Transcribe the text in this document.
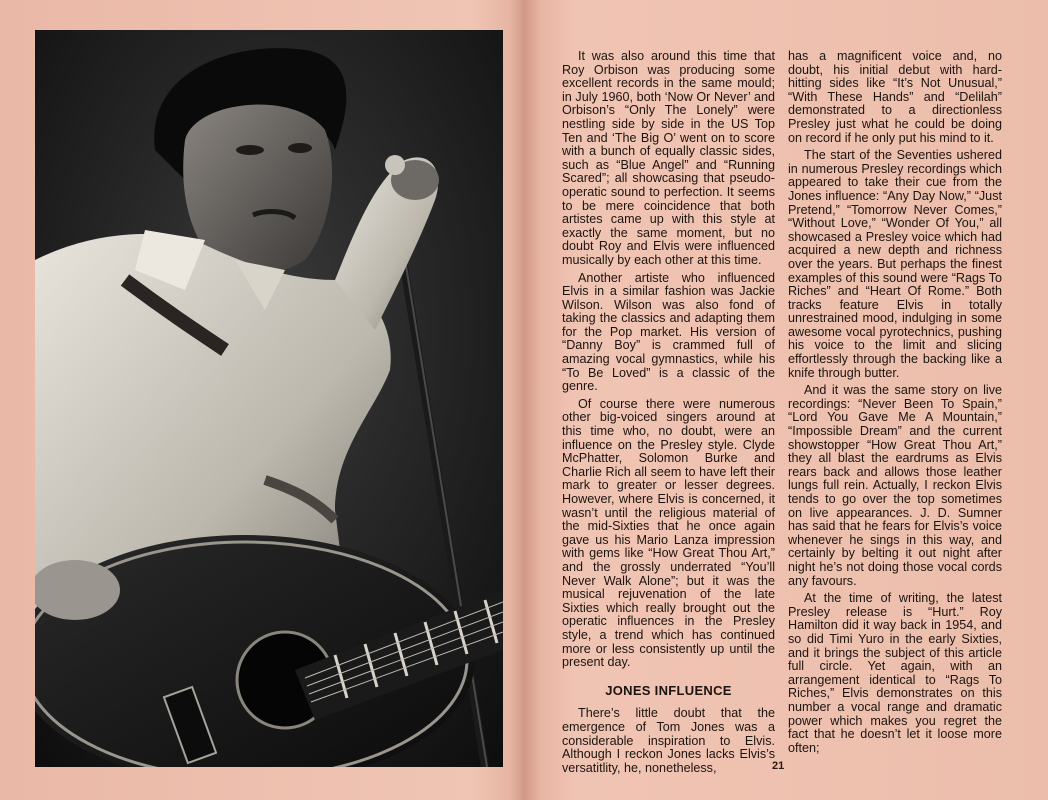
It was also around this time that Roy Orbison was producing some excellent records in the same mould; in July 1960, both ‘Now Or Never’ and Orbison’s “Only The Lonely” were nestling side by side in the US Top Ten and ‘The Big O’ went on to score with a bunch of equally classic sides, such as “Blue Angel” and “Running Scared”; all showcasing that pseudo-operatic sound to perfection. It seems to be mere coincidence that both artistes came up with this style at exactly the same moment, but no doubt Roy and Elvis were influenced musically by each other at this time.

Another artiste who influenced Elvis in a similar fashion was Jackie Wilson. Wilson was also fond of taking the classics and adapting them for the Pop market. His version of “Danny Boy” is crammed full of amazing vocal gymnastics, while his “To Be Loved” is a classic of the genre.

Of course there were numerous other big-voiced singers around at this time who, no doubt, were an influence on the Presley style. Clyde McPhatter, Solomon Burke and Charlie Rich all seem to have left their mark to greater or lesser degrees. However, where Elvis is concerned, it wasn’t until the religious material of the mid-Sixties that he once again gave us his Mario Lanza impression with gems like “How Great Thou Art,” and the grossly underrated “You’ll Never Walk Alone”; but it was the musical rejuvenation of the late Sixties which really brought out the operatic influences in the Presley style, a trend which has continued more or less consistently up until the present day.

JONES INFLUENCE

There’s little doubt that the emergence of Tom Jones was a considerable inspiration to Elvis. Although I reckon Jones lacks Elvis’s versatitlity, he, nonetheless,

has a magnificent voice and, no doubt, his initial debut with hard-hitting sides like “It’s Not Unusual,” “With These Hands” and “Delilah” demonstrated to a directionless Presley just what he could be doing on record if he only put his mind to it.

The start of the Seventies ushered in numerous Presley recordings which appeared to take their cue from the Jones influence: “Any Day Now,” “Just Pretend,” “Tomorrow Never Comes,” “Without Love,” “Wonder Of You,” all showcased a Presley voice which had acquired a new depth and richness over the years. But perhaps the finest examples of this sound were “Rags To Riches” and “Heart Of Rome.” Both tracks feature Elvis in totally unrestrained mood, indulging in some awesome vocal pyrotechnics, pushing his voice to the limit and slicing effortlessly through the backing like a knife through butter.

And it was the same story on live recordings: “Never Been To Spain,” “Lord You Gave Me A Mountain,” “Impossible Dream” and the current showstopper “How Great Thou Art,” they all blast the eardrums as Elvis rears back and allows those leather lungs full rein. Actually, I reckon Elvis tends to go over the top sometimes on live appearances. J. D. Sumner has said that he fears for Elvis’s voice whenever he sings in this way, and certainly by belting it out night after night he’s not doing those vocal cords any favours.

At the time of writing, the latest Presley release is “Hurt.” Roy Hamilton did it way back in 1954, and so did Timi Yuro in the early Sixties, and it brings the subject of this article full circle. Yet again, with an arrangement identical to “Rags To Riches,” Elvis demonstrates on this number a vocal range and dramatic power which makes you regret the fact that he doesn’t let it loose more often;

21
